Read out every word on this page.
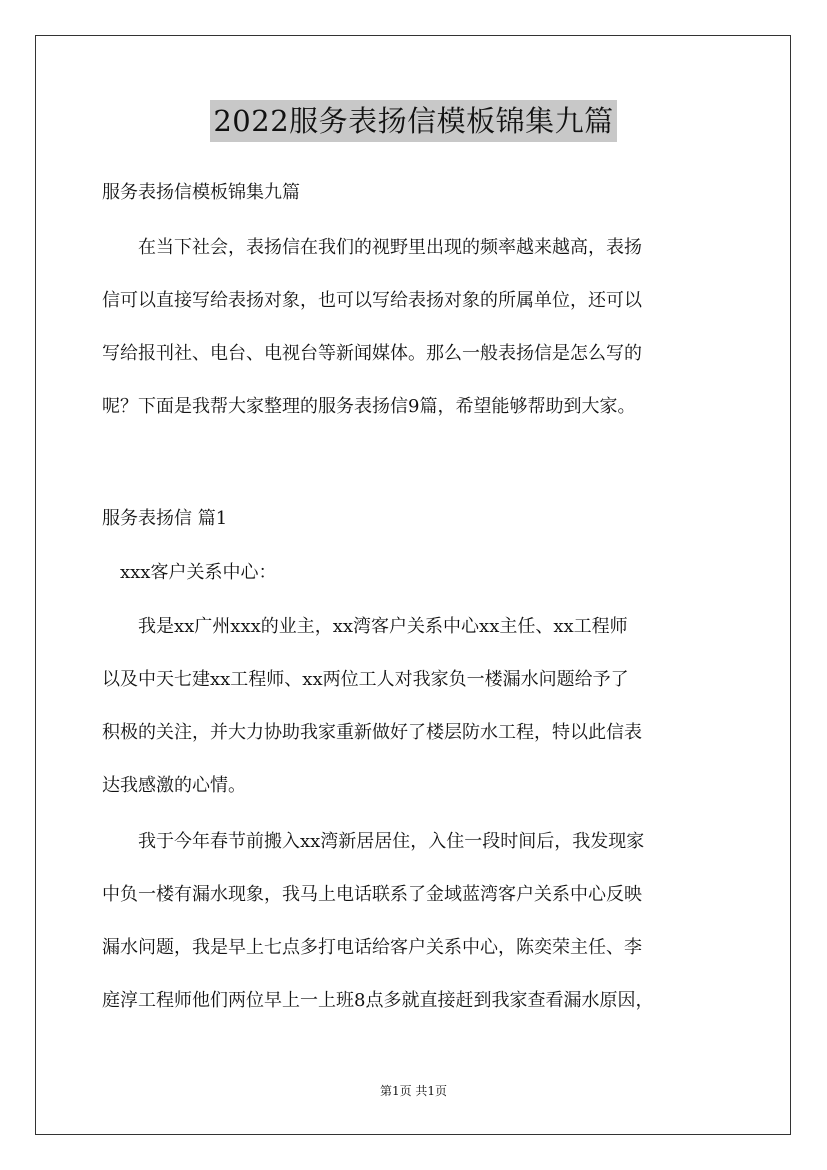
2022服务表扬信模板锦集九篇
服务表扬信模板锦集九篇
　　在当下社会，表扬信在我们的视野里出现的频率越来越高，表扬
信可以直接写给表扬对象，也可以写给表扬对象的所属单位，还可以
写给报刊社、电台、电视台等新闻媒体。那么一般表扬信是怎么写的
呢？下面是我帮大家整理的服务表扬信9篇，希望能够帮助到大家。
服务表扬信 篇1
xxx客户关系中心：
　　我是xx广州xxx的业主，xx湾客户关系中心xx主任、xx工程师
以及中天七建xx工程师、xx两位工人对我家负一楼漏水问题给予了
积极的关注，并大力协助我家重新做好了楼层防水工程，特以此信表
达我感激的心情。
　　我于今年春节前搬入xx湾新居居住，入住一段时间后，我发现家
中负一楼有漏水现象，我马上电话联系了金域蓝湾客户关系中心反映
漏水问题，我是早上七点多打电话给客户关系中心，陈奕荣主任、李
庭淳工程师他们两位早上一上班8点多就直接赶到我家查看漏水原因，
第1页 共1页
